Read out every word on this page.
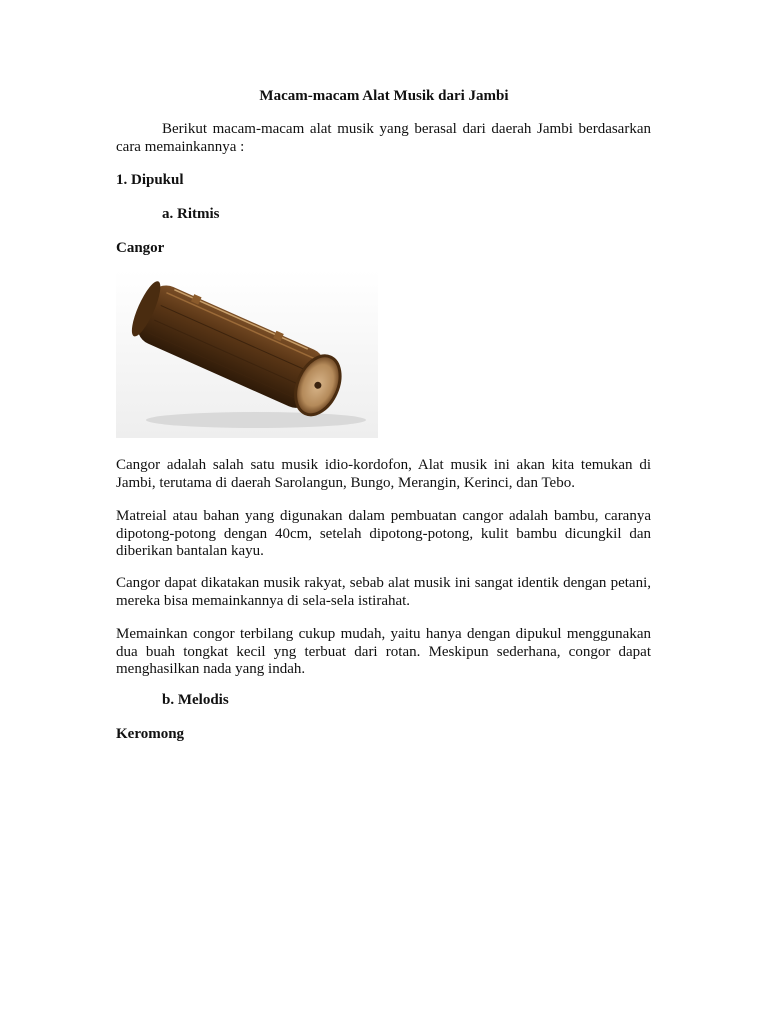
Macam-macam Alat Musik dari Jambi

Berikut macam-macam alat musik yang berasal dari daerah Jambi berdasarkan cara memainkannya :

1. Dipukul

a. Ritmis

Cangor

Cangor adalah salah satu musik idio-kordofon, Alat musik ini akan kita temukan di Jambi, terutama di daerah Sarolangun, Bungo, Merangin, Kerinci, dan Tebo.

Matreial atau bahan yang digunakan dalam pembuatan cangor adalah bambu, caranya dipotong-potong dengan 40cm, setelah dipotong-potong, kulit bambu dicungkil dan diberikan bantalan kayu.

Cangor dapat dikatakan musik rakyat, sebab alat musik ini sangat identik dengan petani, mereka bisa memainkannya di sela-sela istirahat.

Memainkan congor terbilang cukup mudah, yaitu hanya dengan dipukul menggunakan dua buah tongkat kecil yng terbuat dari rotan. Meskipun sederhana, congor dapat menghasilkan nada yang indah.

b. Melodis

Keromong
